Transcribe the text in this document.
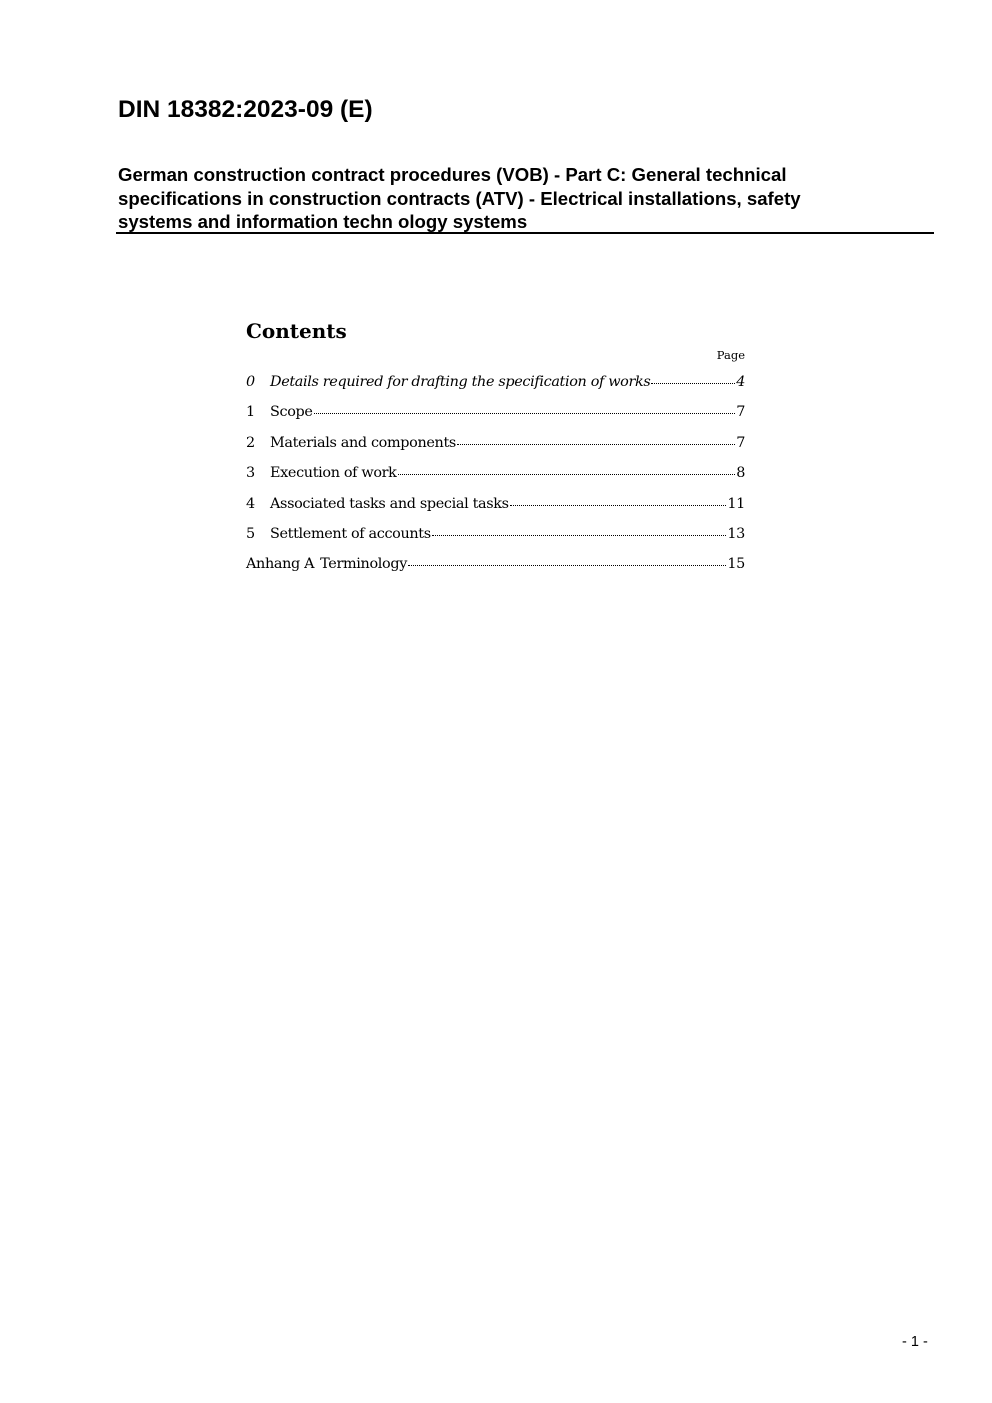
DIN 18382:2023-09 (E)
German construction contract procedures (VOB) - Part C: General technical specifications in construction contracts (ATV) - Electrical installations, safety systems and information techn ology systems
Contents
Page
0	Details required for drafting the specification of works	4
1	Scope	7
2	Materials and components	7
3	Execution of work	8
4	Associated tasks and special tasks	11
5	Settlement of accounts	13
Anhang A Terminology	15
- 1 -
